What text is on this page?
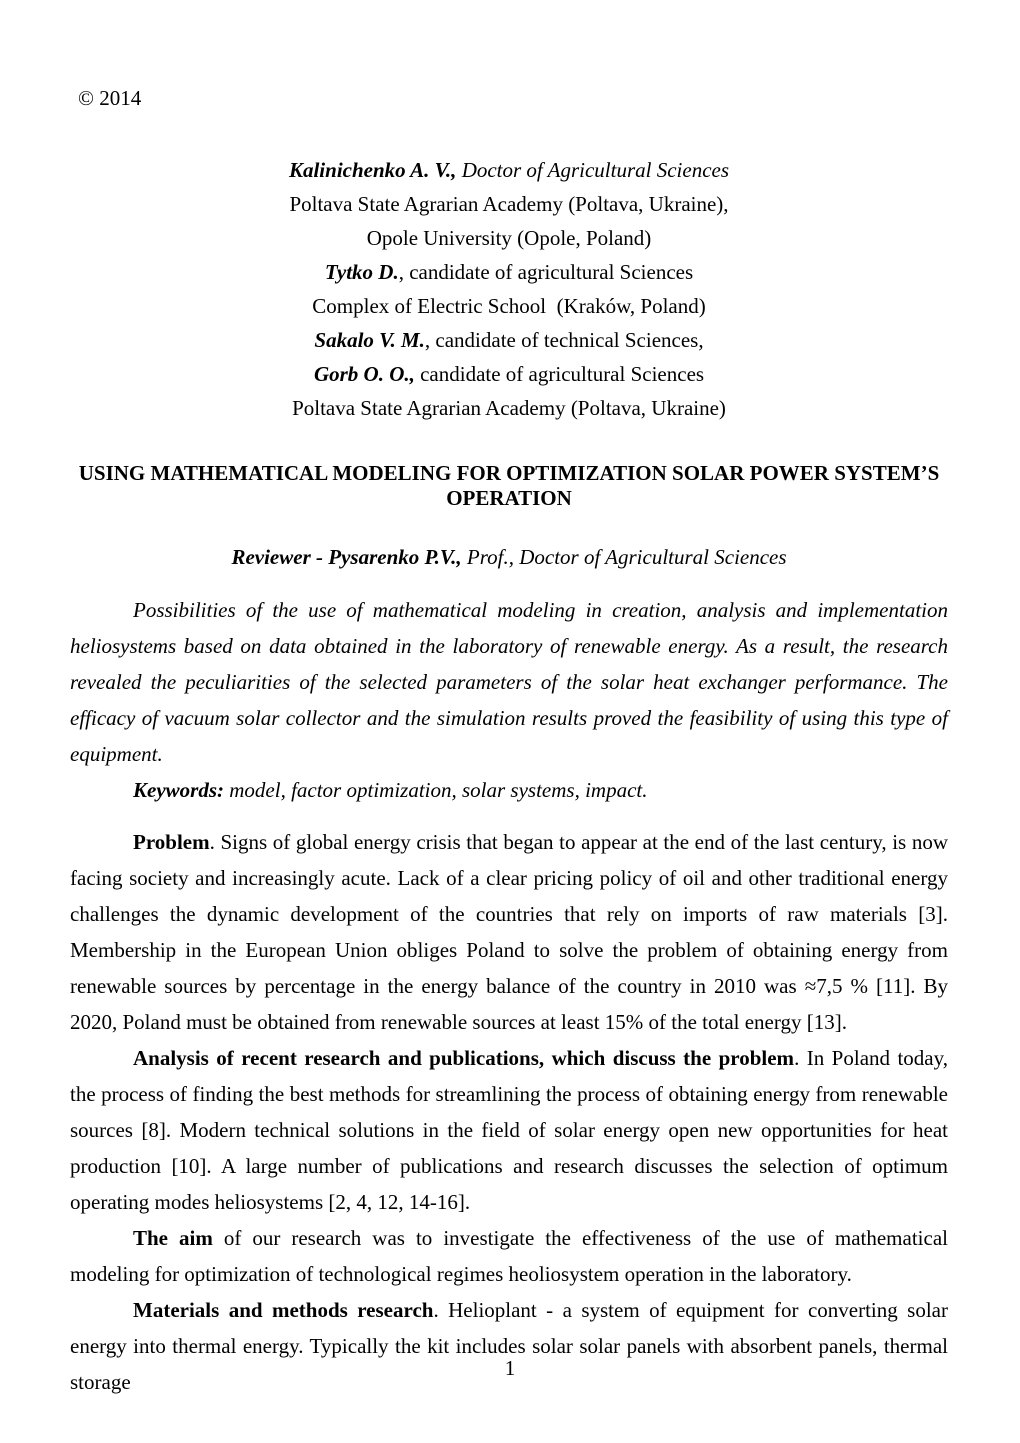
© 2014
Kalinichenko A. V., Doctor of Agricultural Sciences
Poltava State Agrarian Academy (Poltava, Ukraine),
Opole University (Opole, Poland)
Tytko D., candidate of agricultural Sciences
Complex of Electric School  (Kraków, Poland)
Sakalo V. M., candidate of technical Sciences,
Gorb O. O., candidate of agricultural Sciences
Poltava State Agrarian Academy (Poltava, Ukraine)
USING MATHEMATICAL MODELING FOR OPTIMIZATION SOLAR POWER SYSTEM’S OPERATION
Reviewer - Pysarenko P.V., Prof., Doctor of Agricultural Sciences

Possibilities of the use of mathematical modeling in creation, analysis and implementation heliosystems based on data obtained in the laboratory of renewable energy. As a result, the research revealed the peculiarities of the selected parameters of the solar heat exchanger performance. The efficacy of vacuum solar collector and the simulation results proved the feasibility of using this type of equipment.

Keywords: model, factor optimization, solar systems, impact.

Problem. Signs of global energy crisis that began to appear at the end of the last century, is now facing society and increasingly acute. Lack of a clear pricing policy of oil and other traditional energy challenges the dynamic development of the countries that rely on imports of raw materials [3]. Membership in the European Union obliges Poland to solve the problem of obtaining energy from renewable sources by percentage in the energy balance of the country in 2010 was ≈7,5 % [11]. By 2020, Poland must be obtained from renewable sources at least 15% of the total energy [13].

Analysis of recent research and publications, which discuss the problem. In Poland today, the process of finding the best methods for streamlining the process of obtaining energy from renewable sources [8]. Modern technical solutions in the field of solar energy open new opportunities for heat production [10]. A large number of publications and research discusses the selection of optimum operating modes heliosystems [2, 4, 12, 14-16].

The aim of our research was to investigate the effectiveness of the use of mathematical modeling for optimization of technological regimes heoliosystem operation in the laboratory.

Materials and methods research. Helioplant - a system of equipment for converting solar energy into thermal energy. Typically the kit includes solar solar panels with absorbent panels, thermal storage

1
